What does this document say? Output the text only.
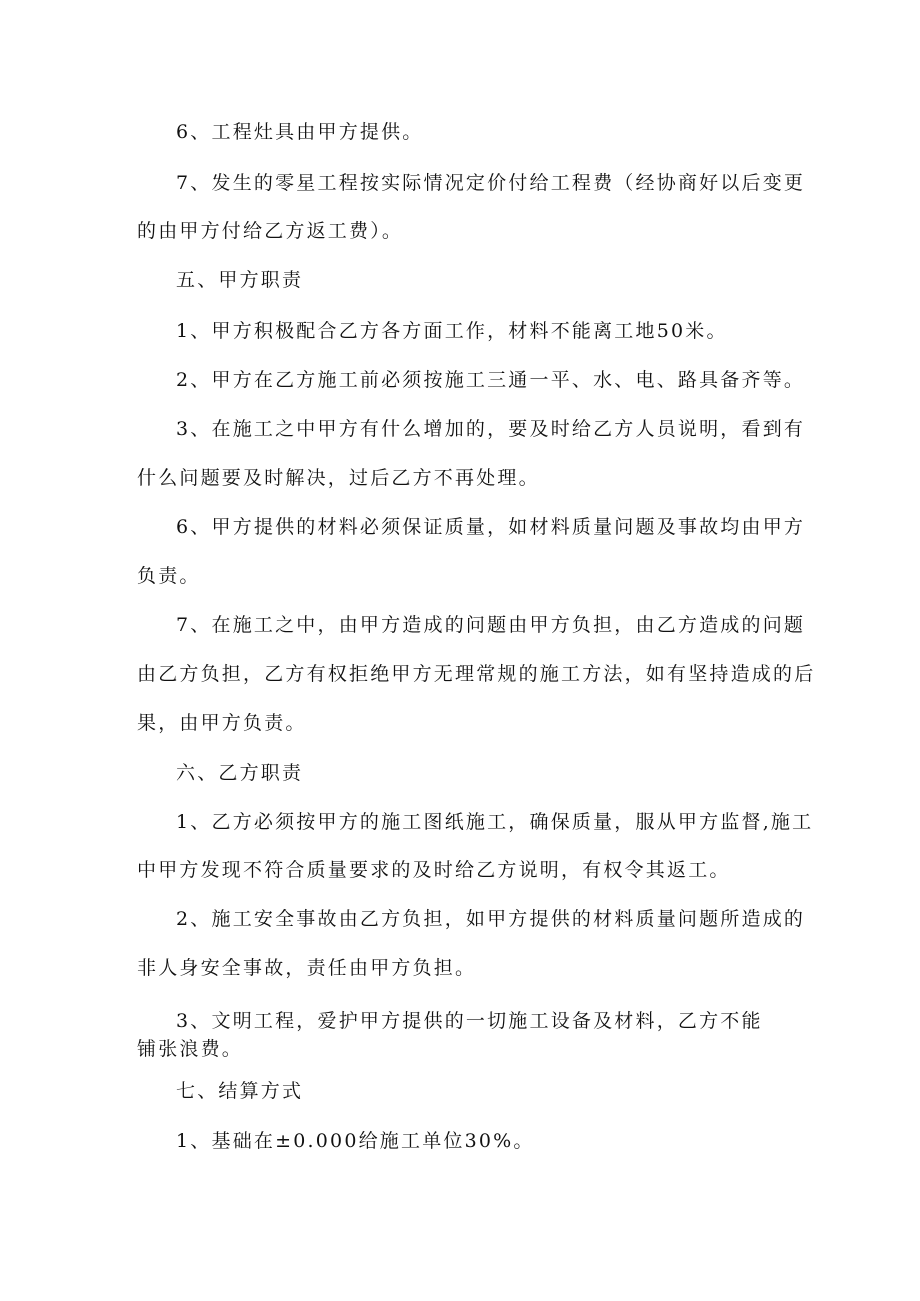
6、工程灶具由甲方提供。
7、发生的零星工程按实际情况定价付给工程费（经协商好以后变更
的由甲方付给乙方返工费）。
五、甲方职责
1、甲方积极配合乙方各方面工作，材料不能离工地50米。
2、甲方在乙方施工前必须按施工三通一平、水、电、路具备齐等。
3、在施工之中甲方有什么增加的，要及时给乙方人员说明，看到有
什么问题要及时解决，过后乙方不再处理。
6、甲方提供的材料必须保证质量，如材料质量问题及事故均由甲方
负责。
7、在施工之中，由甲方造成的问题由甲方负担，由乙方造成的问题
由乙方负担，乙方有权拒绝甲方无理常规的施工方法，如有坚持造成的后
果，由甲方负责。
六、乙方职责
1、乙方必须按甲方的施工图纸施工，确保质量，服从甲方监督,施工
中甲方发现不符合质量要求的及时给乙方说明，有权令其返工。
2、施工安全事故由乙方负担，如甲方提供的材料质量问题所造成的
非人身安全事故，责任由甲方负担。
3、文明工程，爱护甲方提供的一切施工设备及材料，乙方不能
铺张浪费。
七、结算方式
1、基础在±0.000给施工单位30%。
